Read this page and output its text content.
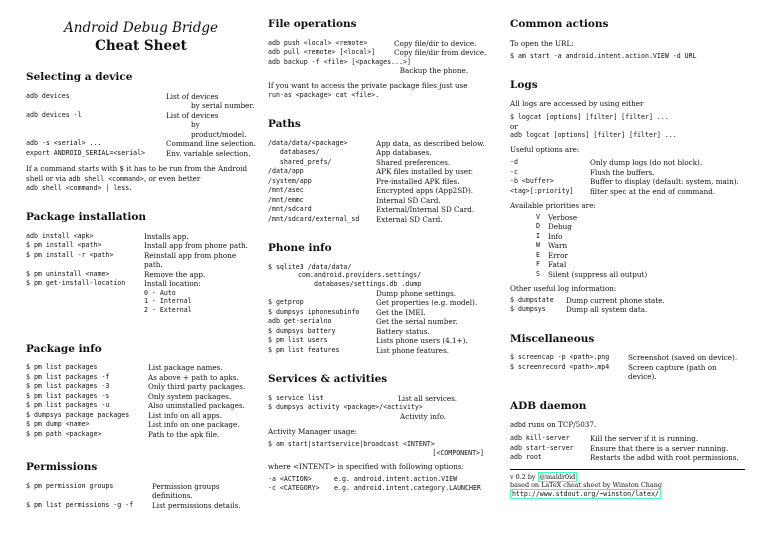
Android Debug Bridge
Cheat Sheet
Selecting a device
adb devices	List of devices
by serial number.
adb devices -l	List of devices
by product/model.
adb -s <serial> ...	Command line selection.
export ANDROID_SERIAL=<serial>	Env. variable selection.

If a command starts with $ it has to be run from the Android shell or via adb shell <command>, or even better
adb shell <command> | less.

Package installation
adb install <apk>	Installs app.
$ pm install <path>	Install app from phone path.
$ pm install -r <path>	Reinstall app from phone path.
$ pm uninstall <name>	Remove the app.
$ pm get-install-location	Install location:
0 - Auto
1 - Internal
2 - External
Package info
$ pm list packages	List package names.
$ pm list packages -f	As above + path to apks.
$ pm list packages -3	Only third party packages.
$ pm list packages -s	Only system packages.
$ pm list packages -u	Also uninstalled packages.
$ dumpsys package packages	List info on all apps.
$ pm dump <name>	List info on one package.
$ pm path <package>	Path to the apk file.
Permissions
$ pm permission groups	Permission groups definitions.
$ pm list permissions -g -f	List permissions details.
File operations
adb push <local> <remote>	Copy file/dir to device.
adb pull <remote> [<local>]	Copy file/dir from device.
adb backup -f <file> [<packages...>]
Backup the phone.

If you want to access the private package files just use
run-as <package> cat <file>.

Paths
/data/data/<package>	App data, as described below.
databases/	App databases.
shared_prefs/	Shared preferences.
/data/app	APK files installed by user.
/system/app	Pre-installed APK files.
/mnt/asec	Encrypted apps (App2SD).
/mnt/emmc	Internal SD Card.
/mnt/sdcard	External/Internal SD Card.
/mnt/sdcard/external_sd	External SD Card.
Phone info
$ sqlite3 /data/data/
com.android.providers.settings/
databases/settings.db .dump
Dump phone settings.
$ getprop	Get properties (e.g. model).
$ dumpsys iphonesubinfo	Get the IMEI.
adb get-serialno	Get the serial number.
$ dumpsys battery	Battery status.
$ pm list users	Lists phone users (4.1+).
$ pm list features	List phone features.
Services & activities
$ service list	List all services.
$ dumpsys activity <package>/<activity>
Activity info.

Activity Manager usage:

$ am start|startservice|broadcast <INTENT>
[<COMPONENT>]

where <INTENT> is specified with following options:

-a <ACTION>	e.g. android.intent.action.VIEW
-c <CATEGORY>	e.g. android.intent.category.LAUNCHER
Common actions

To open the URL:

$ am start -a android.intent.action.VIEW -d URL
Logs

All logs are accessed by using either

$ logcat [options] [filter] [filter] ...
or
adb logcat [options] [filter] [filter] ...

Useful options are:

-d	Only dump logs (do not block).
-c	Flush the buffers.
-b <buffer>	Buffer to display (default: system, main).
<tag>[:priority]	filter spec at the end of command.

Available priorities are:

V	Verbose
D	Debug
I	Info
W	Warn
E	Error
F	Fatal
S	Silent (suppress all output)

Other useful log information:

$ dumpstate	Dump current phone state.
$ dumpsys	Dump all system data.
Miscellaneous
$ screencap -p <path>.png	Screenshot (saved on device).
$ screenrecord <path>.mp4	Screen capture (path on device).
ADB daemon

adbd runs on TCP/5037.

adb kill-server	Kill the server if it is running.
adb start-server	Ensure that there is a server running.
adb root	Restarts the adbd with root permissions.
v 0.2 by @maldr0id
based on LaTeX cheat sheet by Winston Chang
http://www.stdout.org/~winston/latex/
